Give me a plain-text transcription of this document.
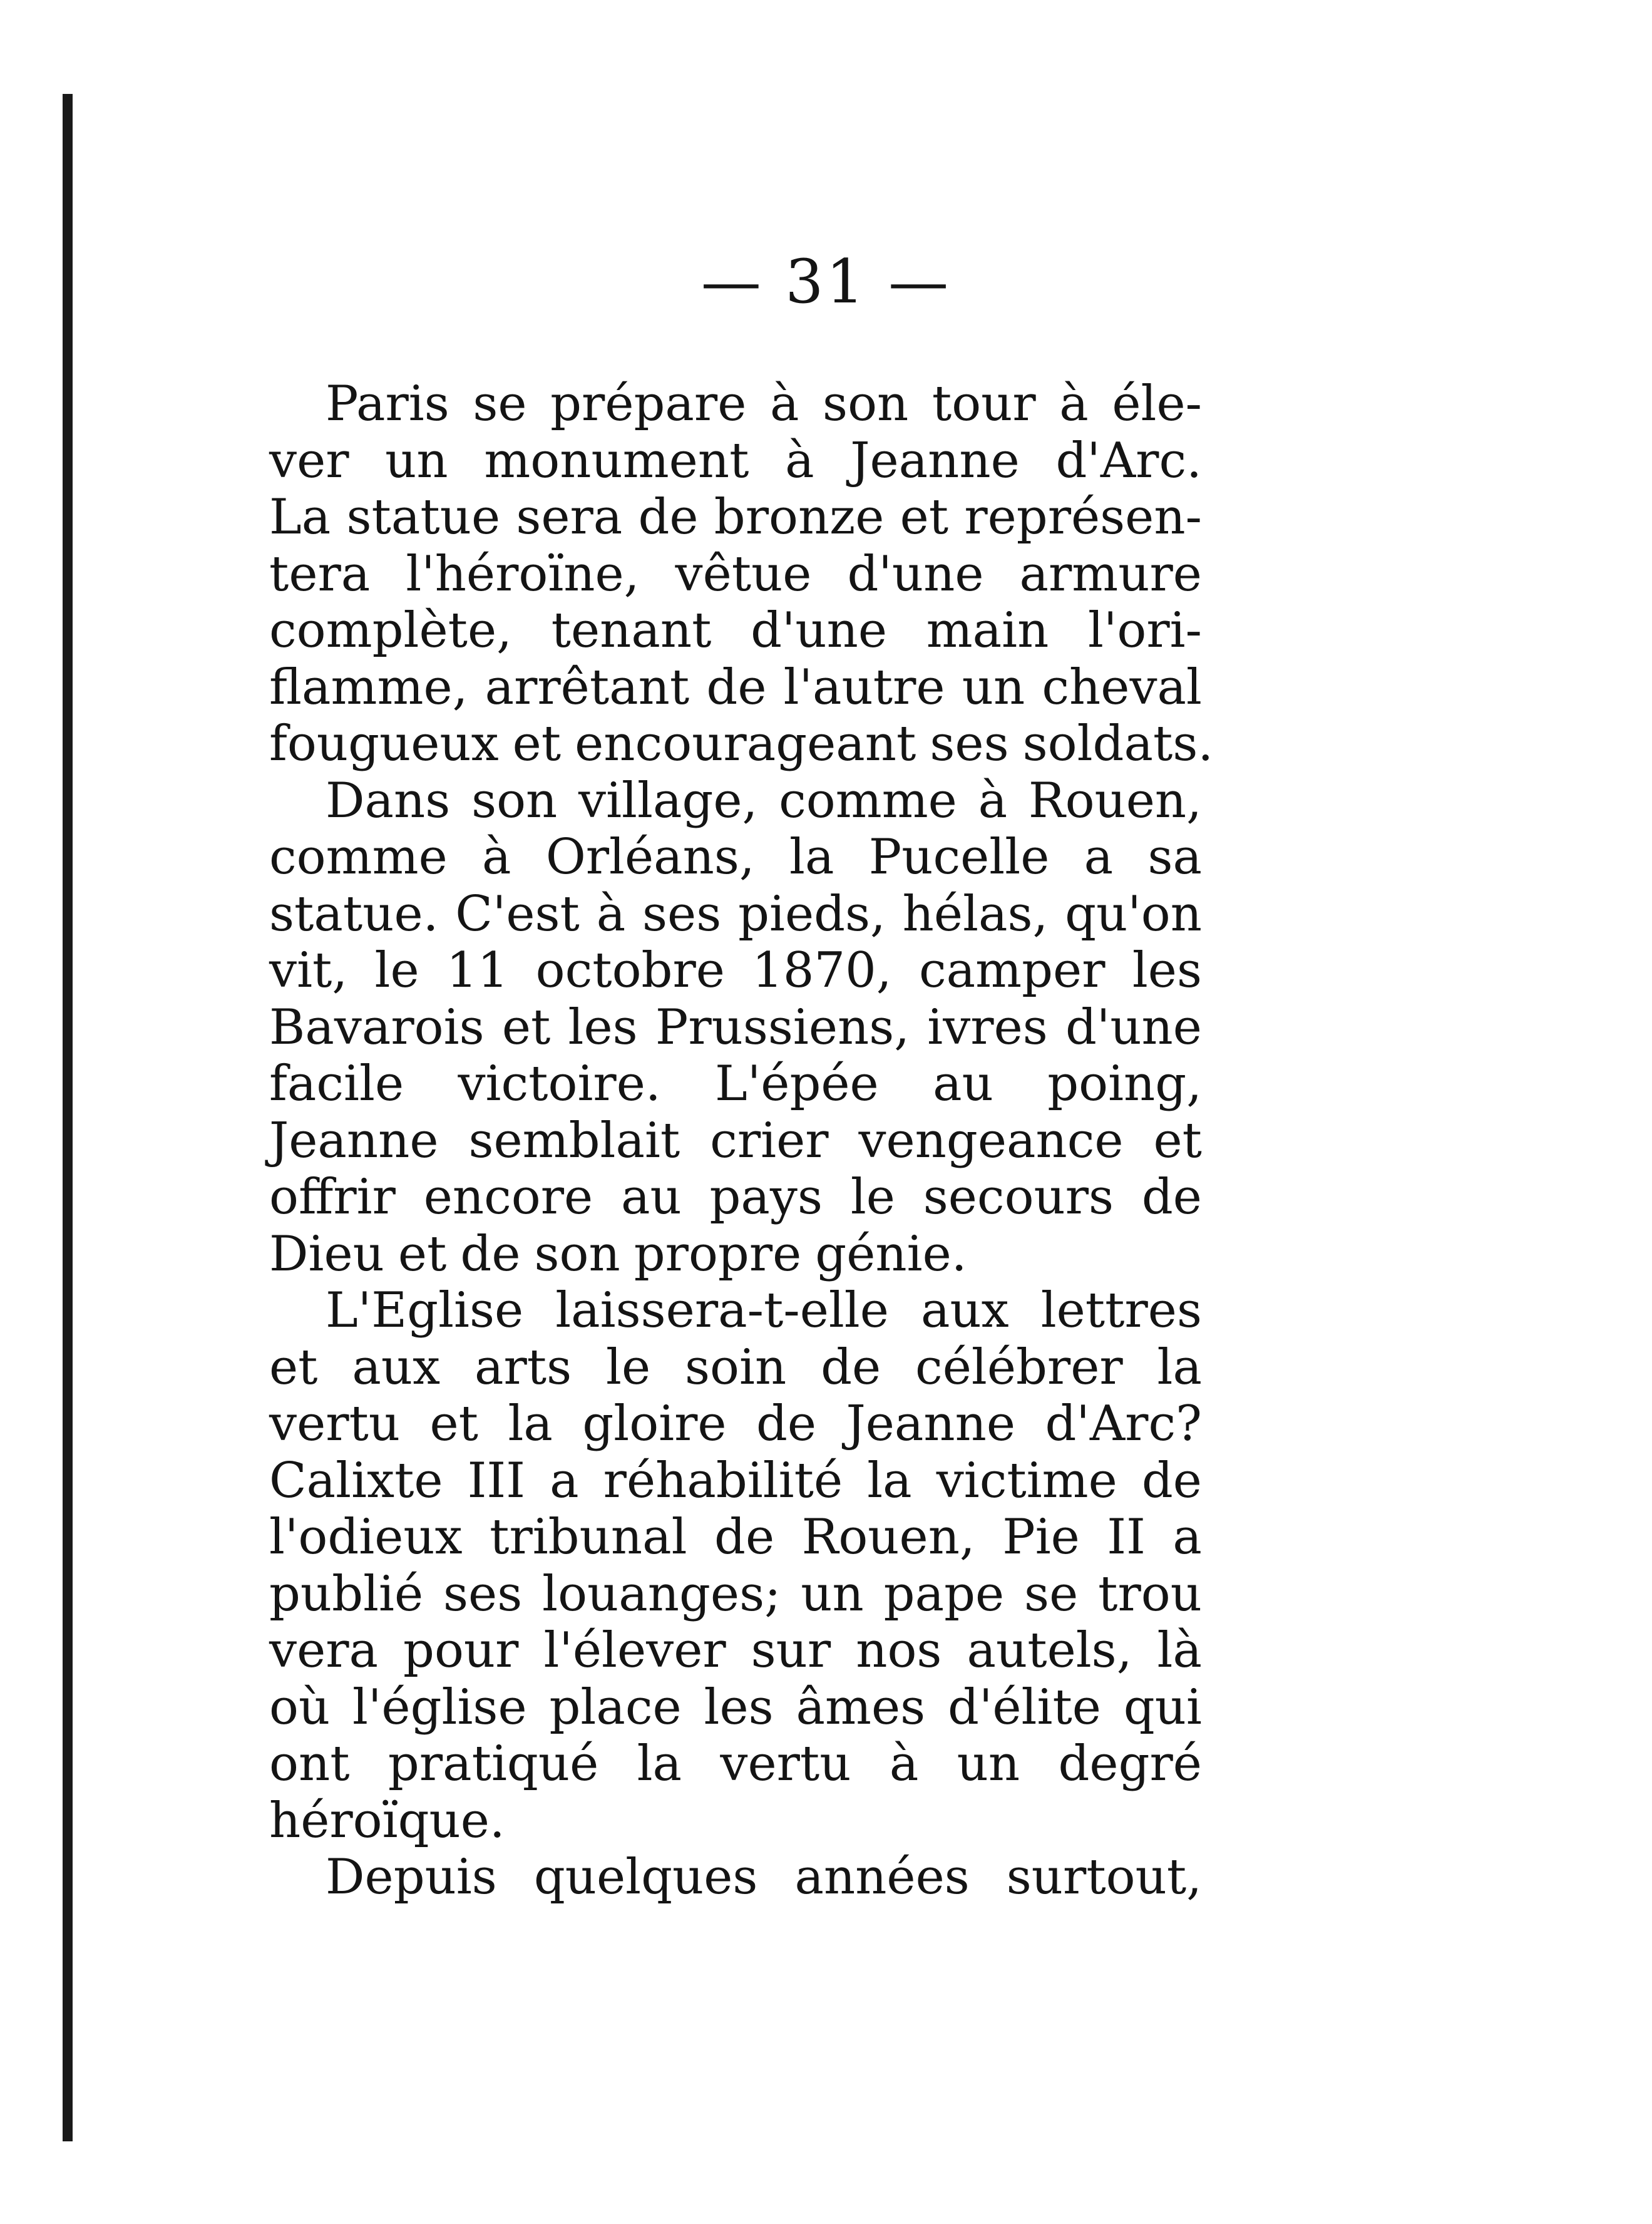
— 31 —
Paris se prépare à son tour à éle-
ver un monument à Jeanne d'Arc.
La statue sera de bronze et représen-
tera l'héroïne, vêtue d'une armure
complète, tenant d'une main l'ori-
flamme, arrêtant de l'autre un cheval
fougueux et encourageant ses soldats.
Dans son village, comme à Rouen,
comme à Orléans, la Pucelle a sa
statue. C'est à ses pieds, hélas, qu'on
vit, le 11 octobre 1870, camper les
Bavarois et les Prussiens, ivres d'une
facile victoire. L'épée au poing,
Jeanne semblait crier vengeance et
offrir encore au pays le secours de
Dieu et de son propre génie.
L'Eglise laissera-t-elle aux lettres
et aux arts le soin de célébrer la
vertu et la gloire de Jeanne d'Arc?
Calixte III a réhabilité la victime de
l'odieux tribunal de Rouen, Pie II a
publié ses louanges; un pape se trou
vera pour l'élever sur nos autels, là
où l'église place les âmes d'élite qui
ont pratiqué la vertu à un degré
héroïque.
Depuis quelques années surtout,
